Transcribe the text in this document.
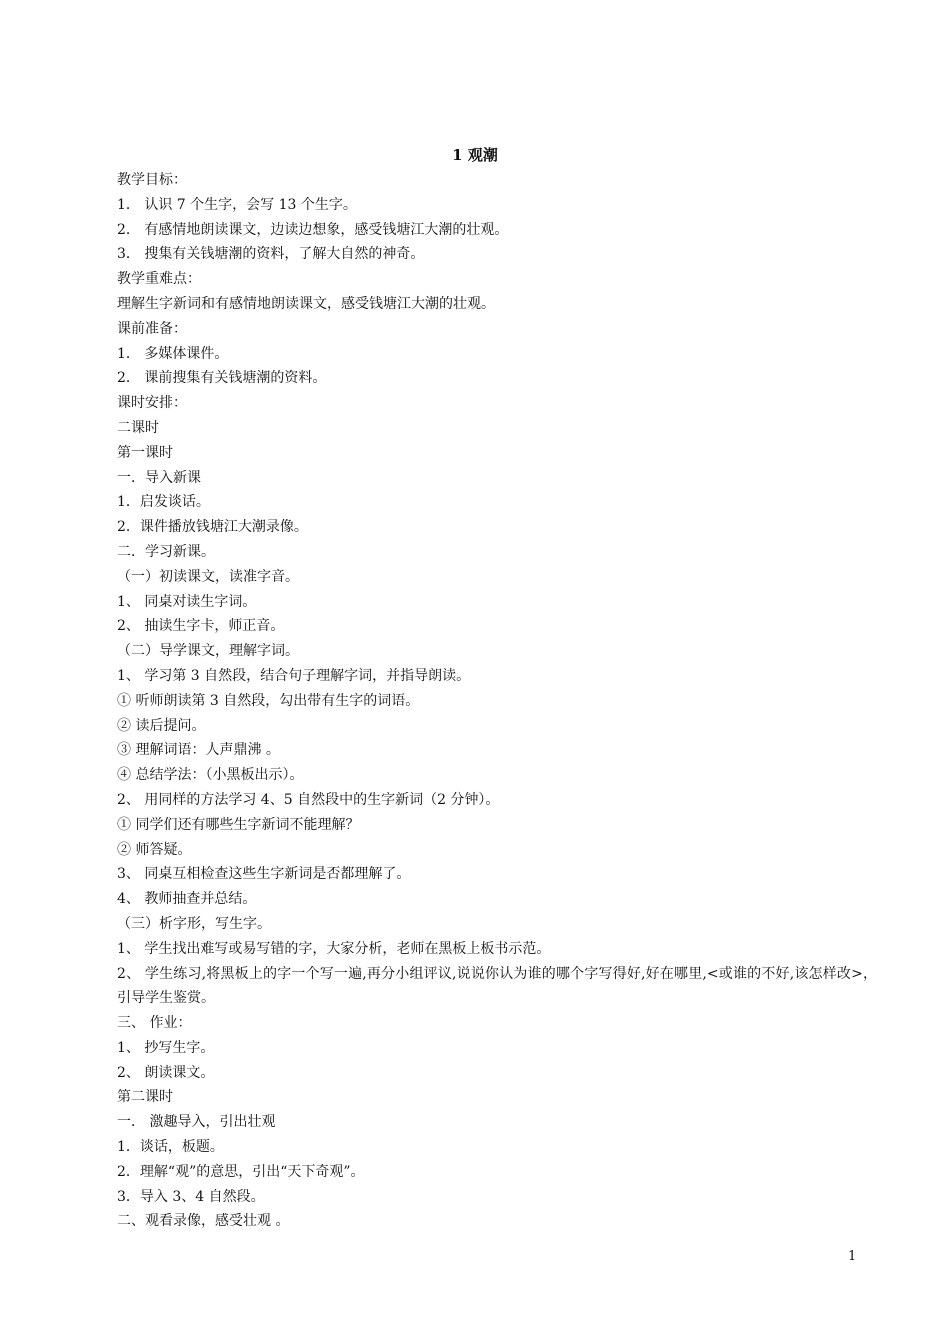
1 观潮
教学目标：
1． 认识 7 个生字，会写 13 个生字。
2． 有感情地朗读课文，边读边想象，感受钱塘江大潮的壮观。
3． 搜集有关钱塘潮的资料，了解大自然的神奇。
教学重难点：
理解生字新词和有感情地朗读课文，感受钱塘江大潮的壮观。
课前准备：
1． 多媒体课件。
2． 课前搜集有关钱塘潮的资料。
课时安排：
二课时
第一课时
一．导入新课
1．启发谈话。
2．课件播放钱塘江大潮录像。
二．学习新课。
（一）初读课文，读准字音。
1、 同桌对读生字词。
2、 抽读生字卡，师正音。
（二）导学课文，理解字词。
1、 学习第 3 自然段，结合句子理解字词，并指导朗读。
① 听师朗读第 3 自然段，勾出带有生字的词语。
② 读后提问。
③ 理解词语：人声鼎沸 。
④ 总结学法：（小黑板出示）。
2、 用同样的方法学习 4、5 自然段中的生字新词（2 分钟）。
① 同学们还有哪些生字新词不能理解？
② 师答疑。
3、 同桌互相检查这些生字新词是否都理解了。
4、 教师抽查并总结。
（三）析字形，写生字。
1、 学生找出难写或易写错的字，大家分析，老师在黑板上板书示范。
2、 学生练习,将黑板上的字一个写一遍,再分小组评议,说说你认为谁的哪个字写得好,好在哪里,<或谁的不好,该怎样改>，引导学生鉴赏。
三、 作业：
1、 抄写生字。
2、 朗读课文。
第二课时
一． 激趣导入，引出壮观
1．谈话，板题。
2．理解“观”的意思，引出“天下奇观”。
3．导入 3、4 自然段。
二、观看录像，感受壮观 。
1
